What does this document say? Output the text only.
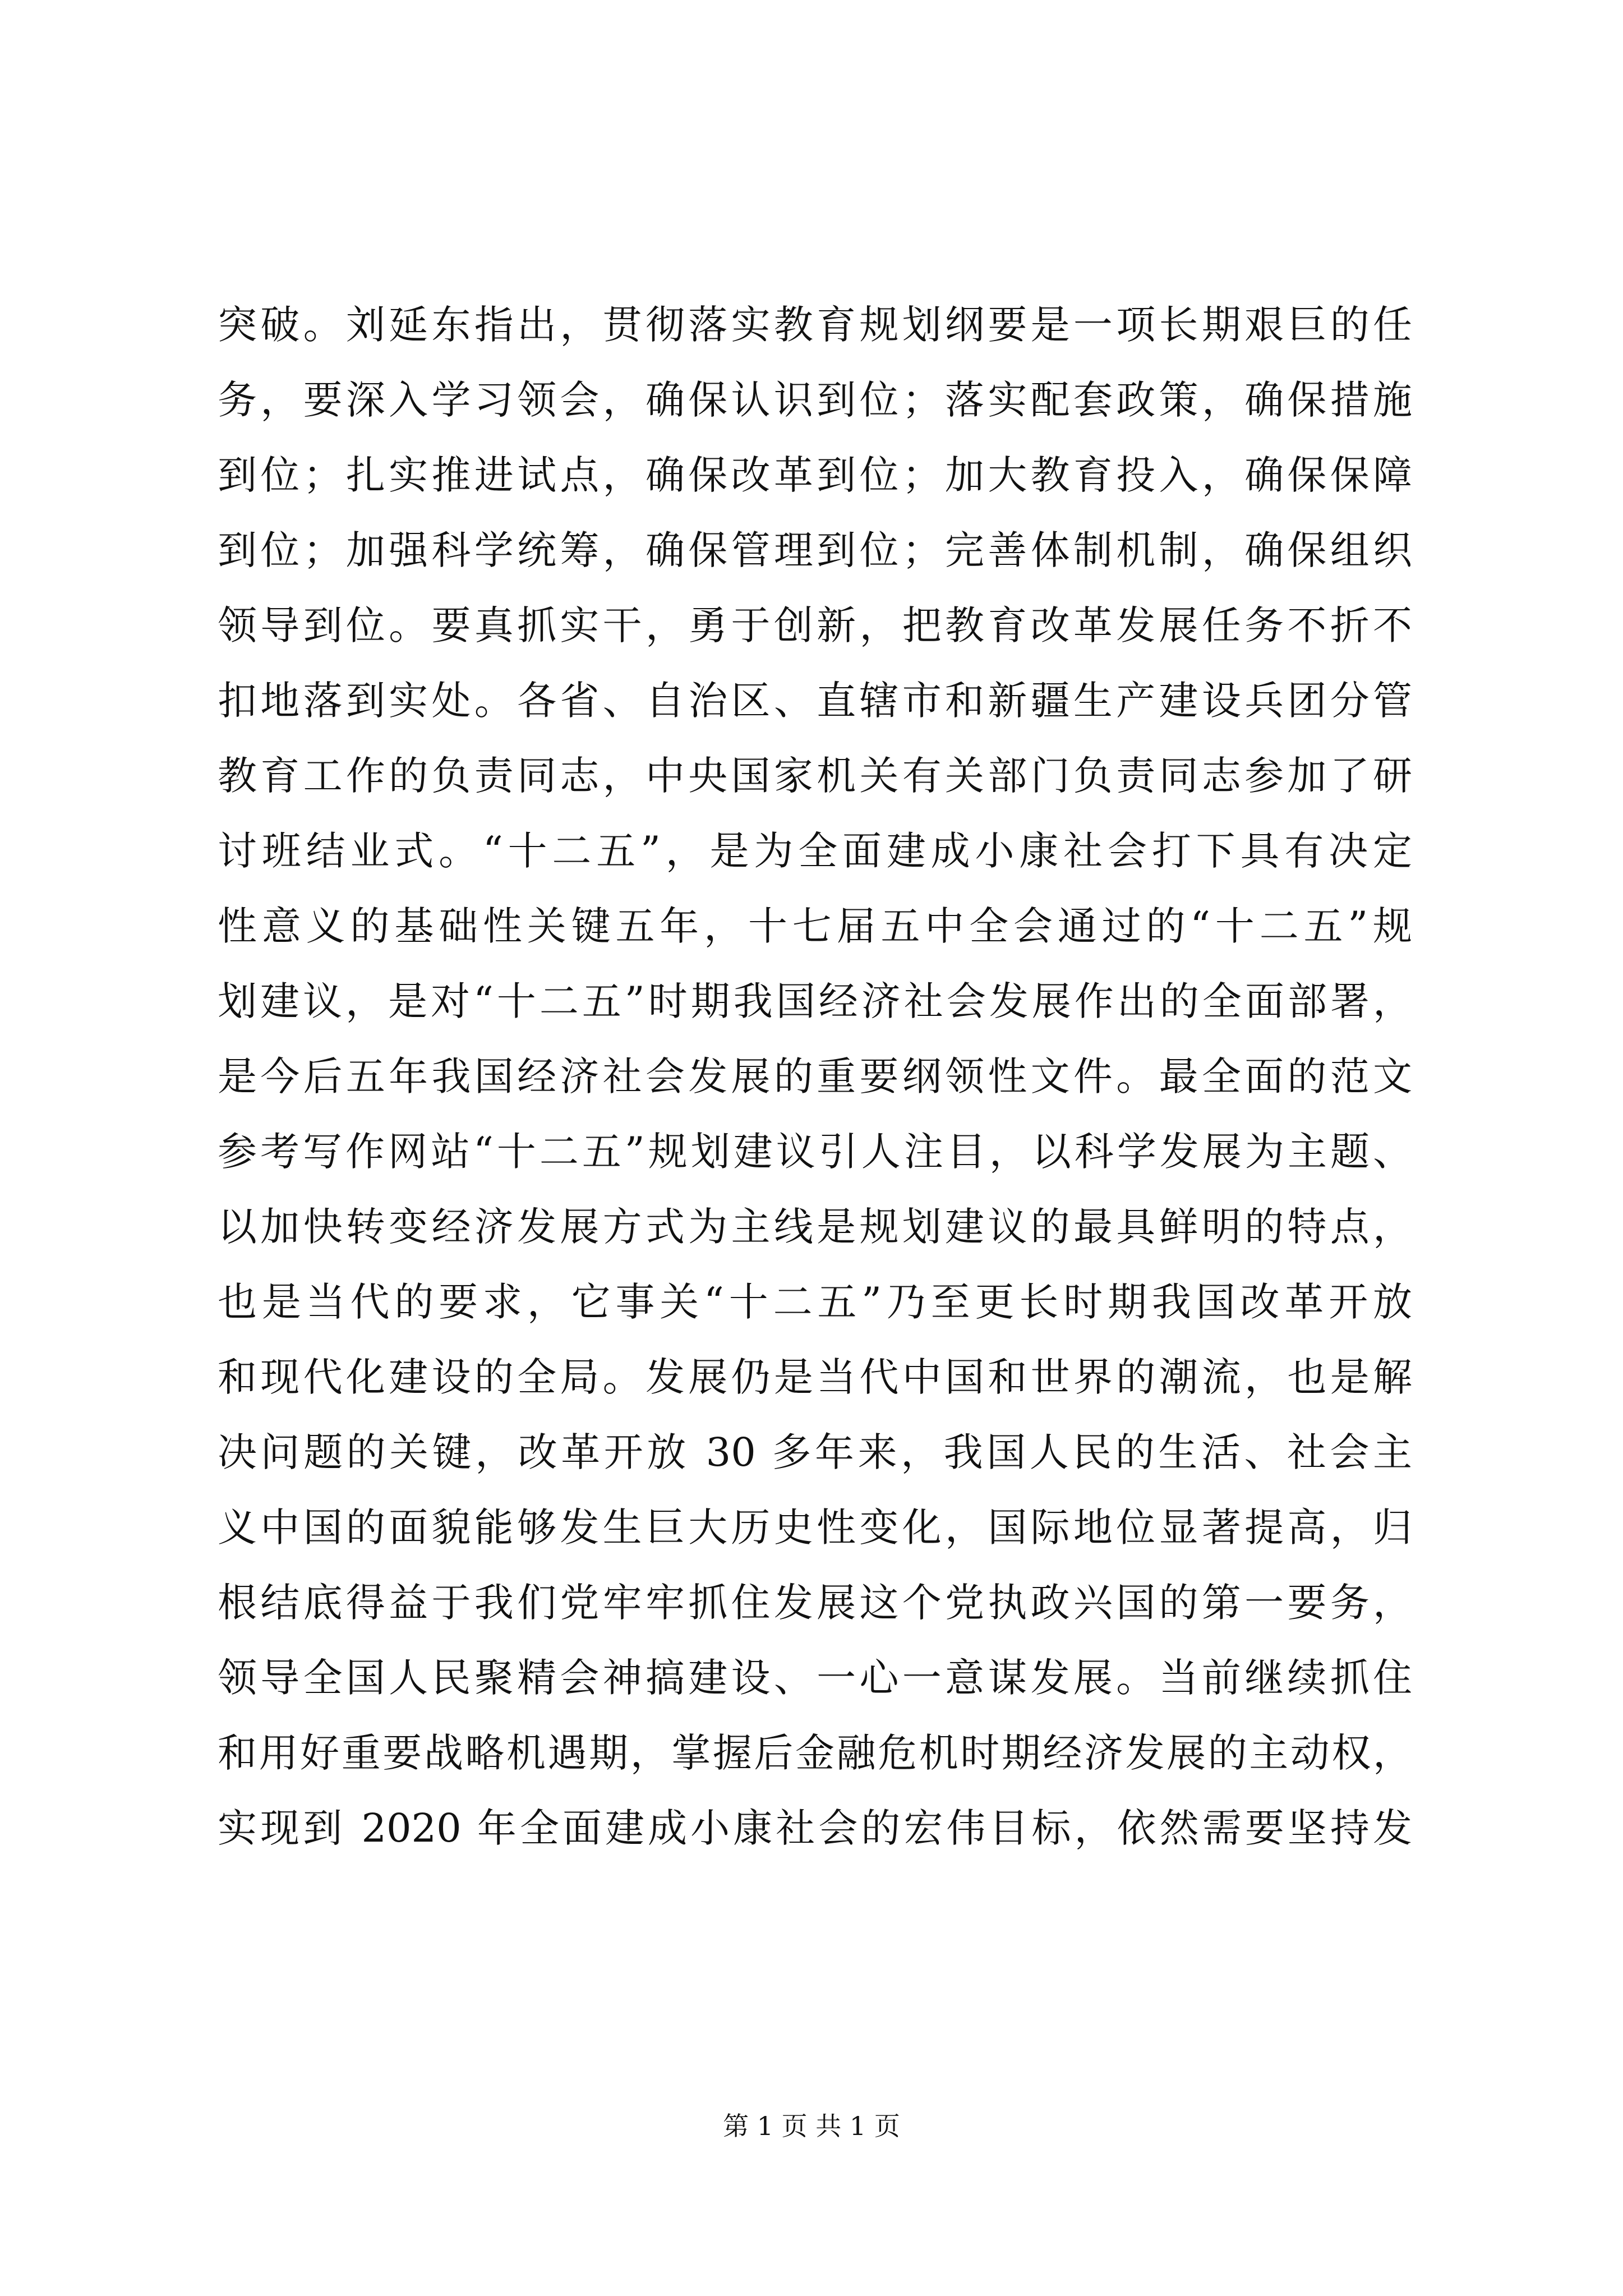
突破。刘延东指出，贯彻落实教育规划纲要是一项长期艰巨的任
务，要深入学习领会，确保认识到位；落实配套政策，确保措施
到位；扎实推进试点，确保改革到位；加大教育投入，确保保障
到位；加强科学统筹，确保管理到位；完善体制机制，确保组织
领导到位。要真抓实干，勇于创新，把教育改革发展任务不折不
扣地落到实处。各省、自治区、直辖市和新疆生产建设兵团分管
教育工作的负责同志，中央国家机关有关部门负责同志参加了研
讨班结业式。“十二五”，是为全面建成小康社会打下具有决定
性意义的基础性关键五年，十七届五中全会通过的“十二五”规
划建议，是对“十二五”时期我国经济社会发展作出的全面部署，
是今后五年我国经济社会发展的重要纲领性文件。最全面的范文
参考写作网站“十二五”规划建议引人注目，以科学发展为主题、
以加快转变经济发展方式为主线是规划建议的最具鲜明的特点，
也是当代的要求，它事关“十二五”乃至更长时期我国改革开放
和现代化建设的全局。发展仍是当代中国和世界的潮流，也是解
决问题的关键，改革开放 30 多年来，我国人民的生活、社会主
义中国的面貌能够发生巨大历史性变化，国际地位显著提高，归
根结底得益于我们党牢牢抓住发展这个党执政兴国的第一要务，
领导全国人民聚精会神搞建设、一心一意谋发展。当前继续抓住
和用好重要战略机遇期，掌握后金融危机时期经济发展的主动权，
实现到 2020 年全面建成小康社会的宏伟目标，依然需要坚持发
第 1 页 共 1 页
